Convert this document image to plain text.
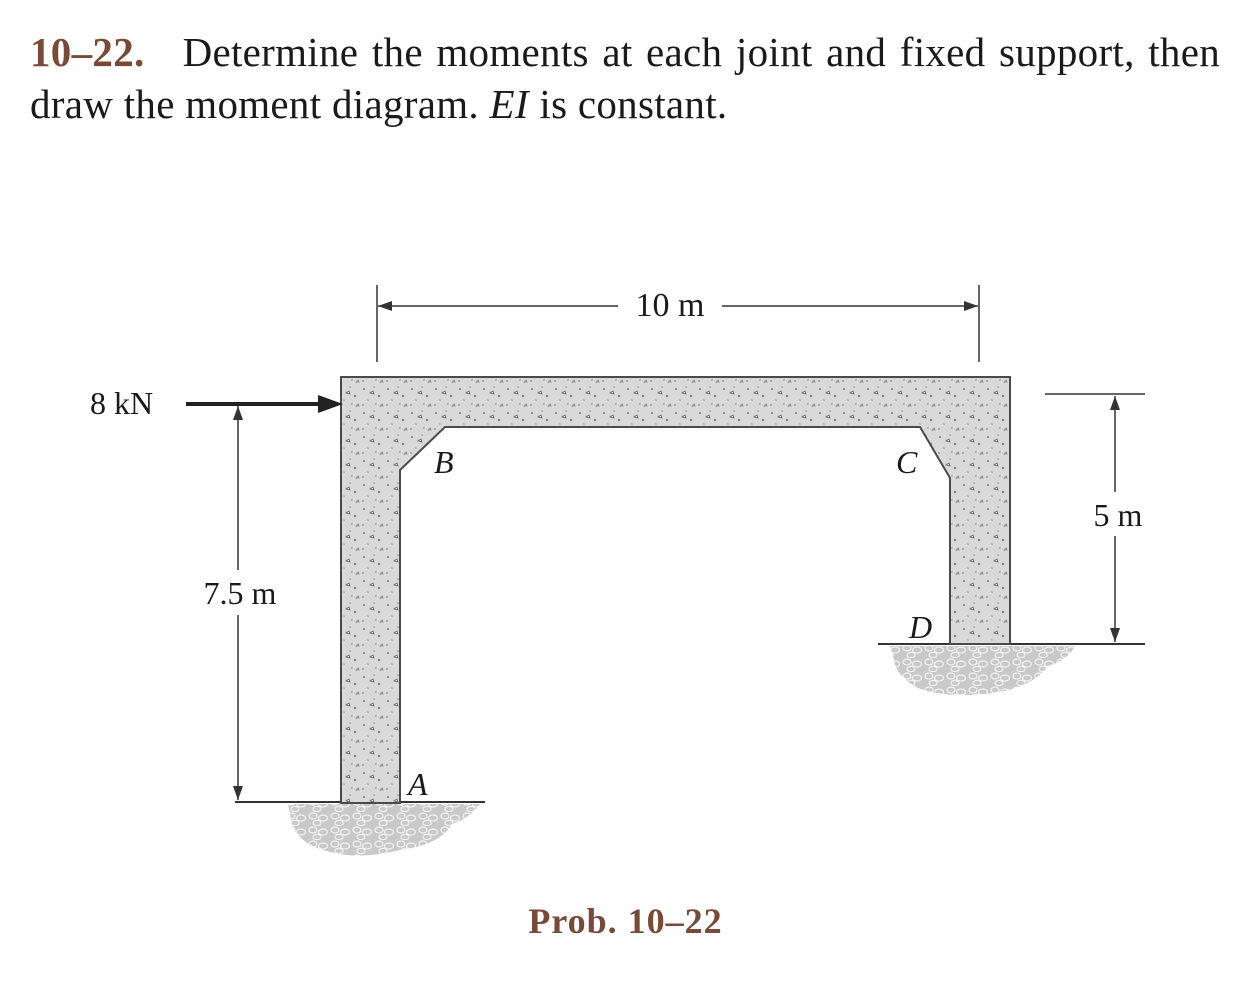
10–22. Determine the moments at each joint and fixed support, then draw the moment diagram. EI is constant.
10 m
7.5 m
5 m
8 kN
B	C
D
A
Prob. 10–22
